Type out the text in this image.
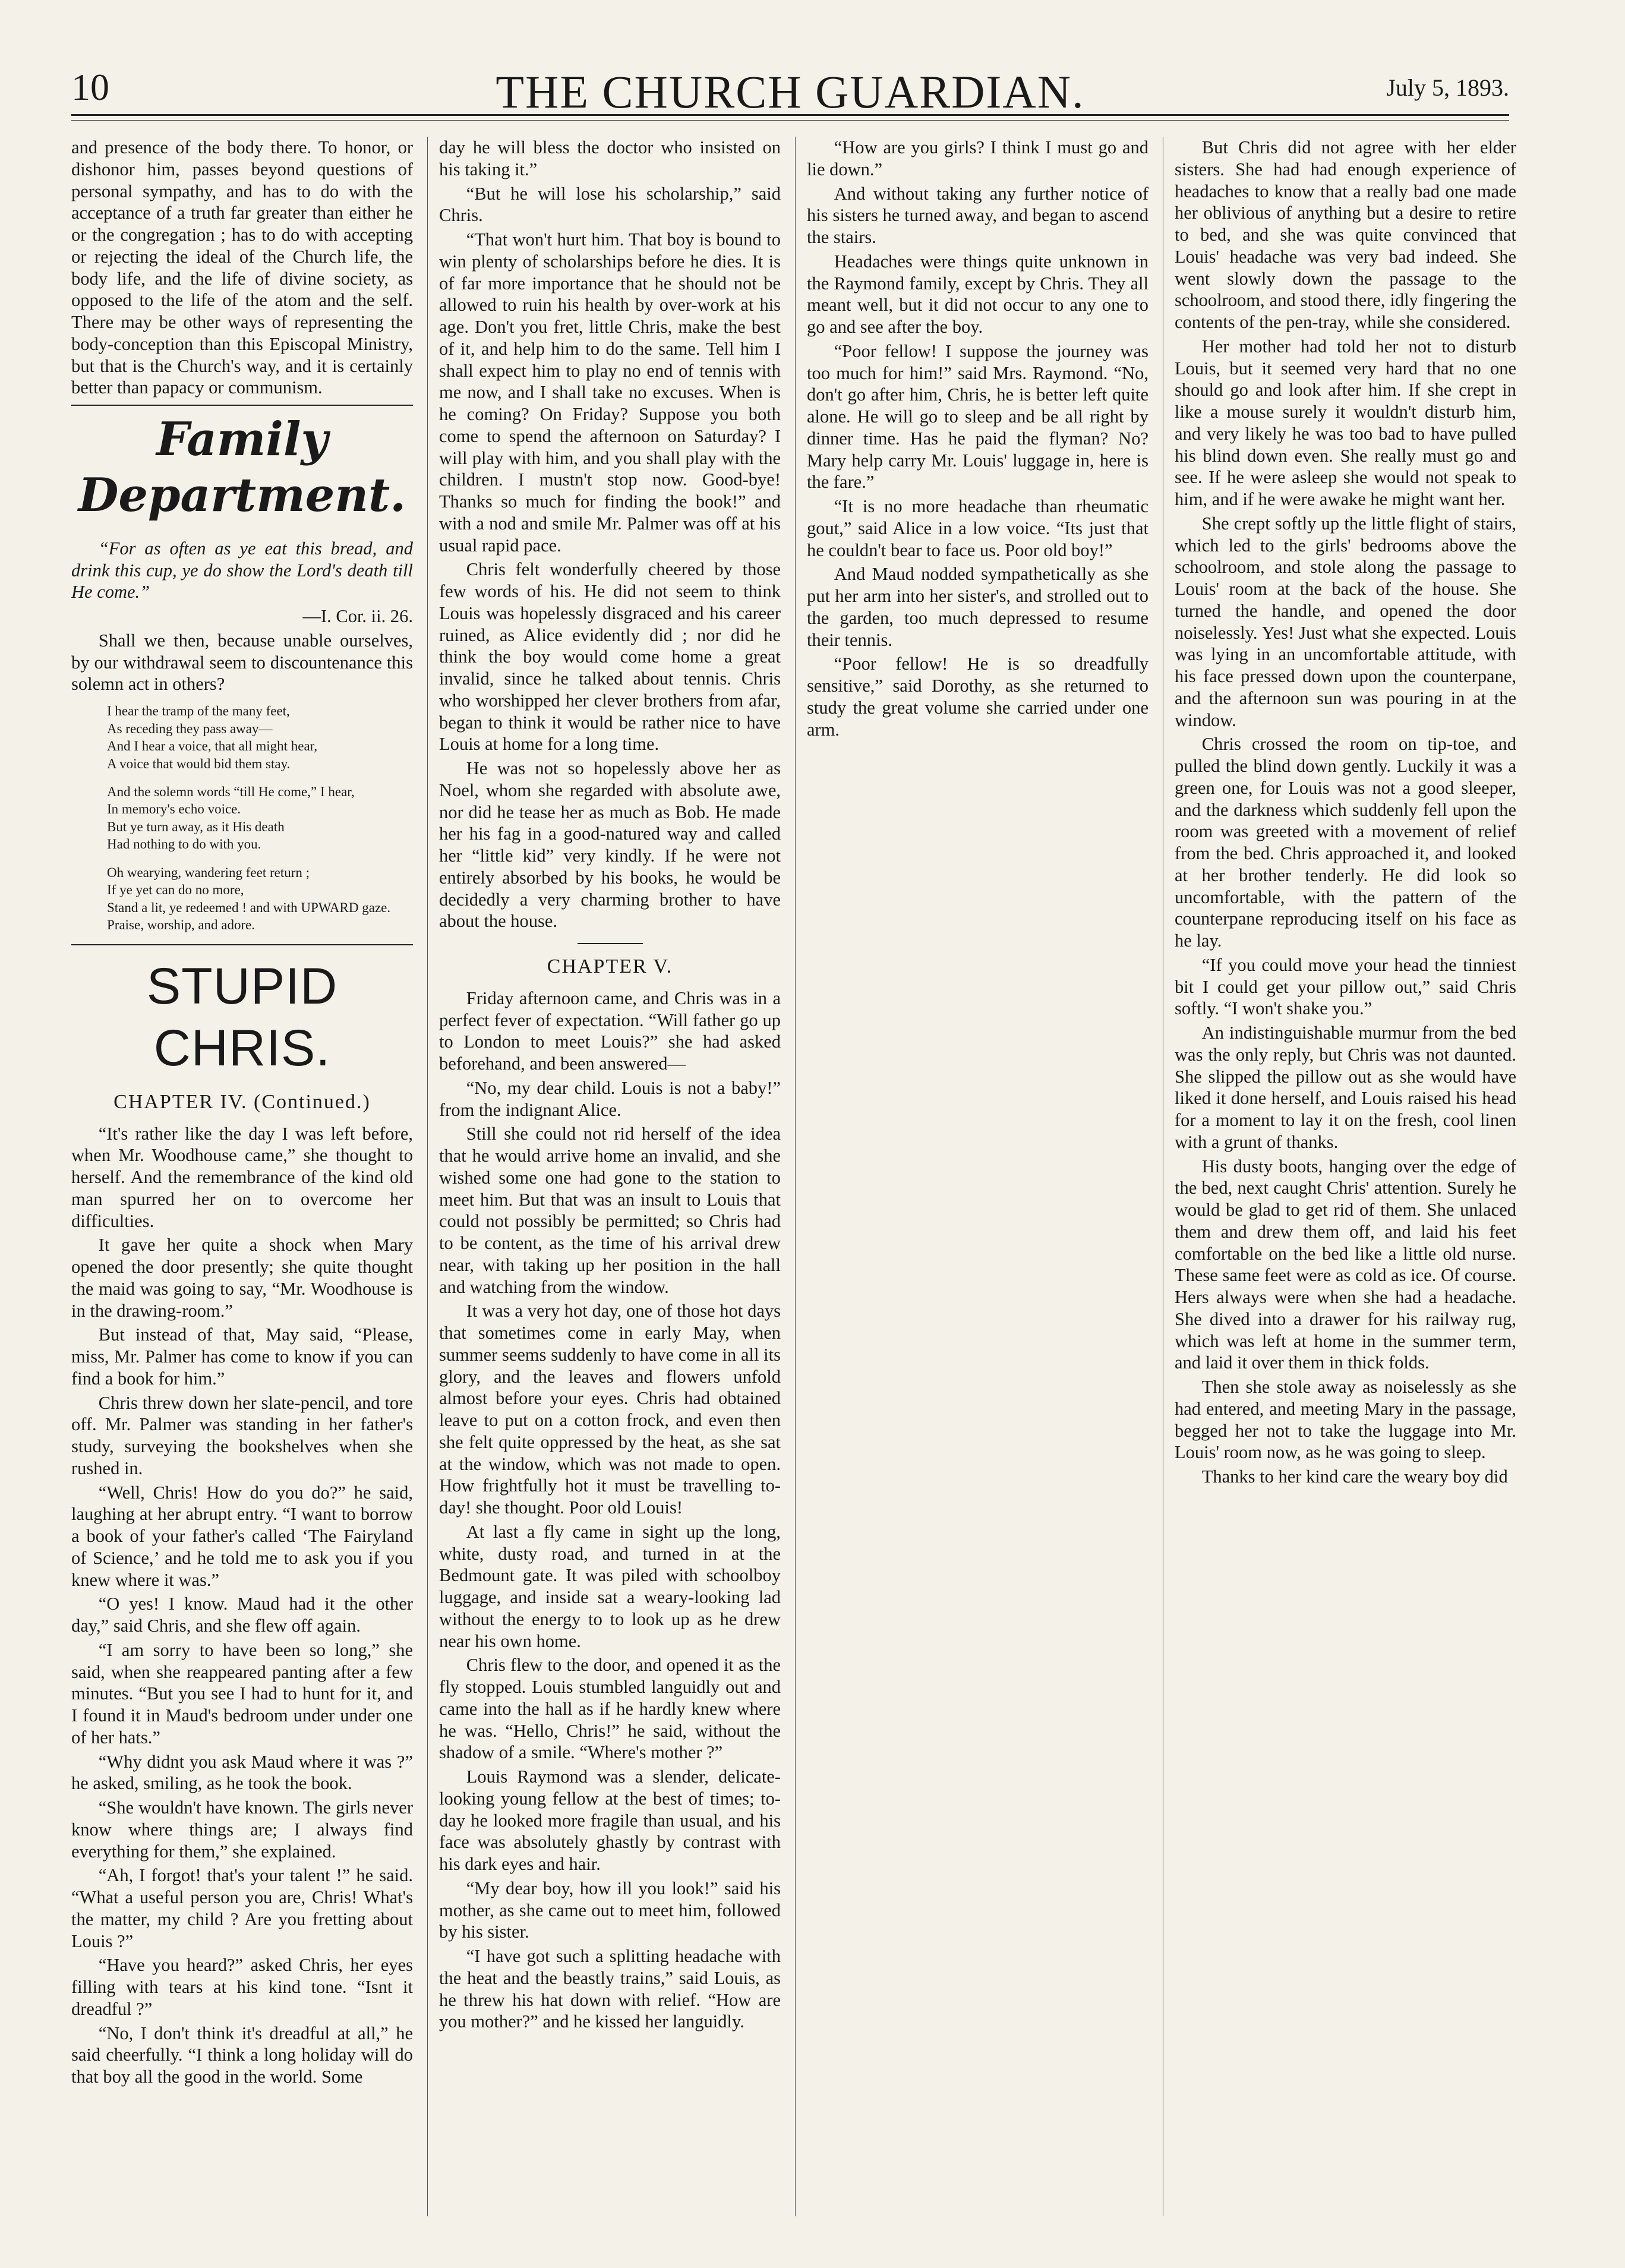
10	THE CHURCH GUARDIAN.	July 5, 1893.

and presence of the body there. To honor, or dishonor him, passes beyond questions of personal sympathy, and has to do with the acceptance of a truth far greater than either he or the congregation ; has to do with accepting or rejecting the ideal of the Church life, the body life, and the life of divine society, as opposed to the life of the atom and the self. There may be other ways of representing the body-conception than this Episcopal Ministry, but that is the Church's way, and it is certainly better than papacy or communism.

Family Department.

“For as often as ye eat this bread, and drink this cup, ye do show the Lord's death till He come.”

—I. Cor. ii. 26.

Shall we then, because unable ourselves, by our withdrawal seem to discountenance this solemn act in others?

I hear the tramp of the many feet,
As receding they pass away—
And I hear a voice, that all might hear,
A voice that would bid them stay.
And the solemn words “till He come,” I hear,
In memory's echo voice.
But ye turn away, as it His death
Had nothing to do with you.
Oh wearying, wandering feet return ;
If ye yet can do no more,
Stand a lit, ye redeemed ! and with UPWARD gaze.
Praise, worship, and adore.
STUPID CHRIS.
CHAPTER IV. (Continued.)

“It's rather like the day I was left before, when Mr. Woodhouse came,” she thought to herself. And the remembrance of the kind old man spurred her on to overcome her difficulties.

It gave her quite a shock when Mary opened the door presently; she quite thought the maid was going to say, “Mr. Woodhouse is in the drawing-room.”

But instead of that, May said, “Please, miss, Mr. Palmer has come to know if you can find a book for him.”

Chris threw down her slate-pencil, and tore off. Mr. Palmer was standing in her father's study, surveying the bookshelves when she rushed in.

“Well, Chris! How do you do?” he said, laughing at her abrupt entry. “I want to borrow a book of your father's called ‘The Fairyland of Science,’ and he told me to ask you if you knew where it was.”

“O yes! I know. Maud had it the other day,” said Chris, and she flew off again.

“I am sorry to have been so long,” she said, when she reappeared panting after a few minutes. “But you see I had to hunt for it, and I found it in Maud's bedroom under under one of her hats.”

“Why didnt you ask Maud where it was ?” he asked, smiling, as he took the book.

“She wouldn't have known. The girls never know where things are; I always find everything for them,” she explained.

“Ah, I forgot! that's your talent !” he said. “What a useful person you are, Chris! What's the matter, my child ? Are you fretting about Louis ?”

“Have you heard?” asked Chris, her eyes filling with tears at his kind tone. “Isnt it dreadful ?”

“No, I don't think it's dreadful at all,” he said cheerfully. “I think a long holiday will do that boy all the good in the world. Some

day he will bless the doctor who insisted on his taking it.”

“But he will lose his scholarship,” said Chris.

“That won't hurt him. That boy is bound to win plenty of scholarships before he dies. It is of far more importance that he should not be allowed to ruin his health by over-work at his age. Don't you fret, little Chris, make the best of it, and help him to do the same. Tell him I shall expect him to play no end of tennis with me now, and I shall take no excuses. When is he coming? On Friday? Suppose you both come to spend the afternoon on Saturday? I will play with him, and you shall play with the children. I mustn't stop now. Good-bye! Thanks so much for finding the book!” and with a nod and smile Mr. Palmer was off at his usual rapid pace.

Chris felt wonderfully cheered by those few words of his. He did not seem to think Louis was hopelessly disgraced and his career ruined, as Alice evidently did ; nor did he think the boy would come home a great invalid, since he talked about tennis. Chris who worshipped her clever brothers from afar, began to think it would be rather nice to have Louis at home for a long time.

He was not so hopelessly above her as Noel, whom she regarded with absolute awe, nor did he tease her as much as Bob. He made her his fag in a good-natured way and called her “little kid” very kindly. If he were not entirely absorbed by his books, he would be decidedly a very charming brother to have about the house.

CHAPTER V.

Friday afternoon came, and Chris was in a perfect fever of expectation. “Will father go up to London to meet Louis?” she had asked beforehand, and been answered—

“No, my dear child. Louis is not a baby!” from the indignant Alice.

Still she could not rid herself of the idea that he would arrive home an invalid, and she wished some one had gone to the station to meet him. But that was an insult to Louis that could not possibly be permitted; so Chris had to be content, as the time of his arrival drew near, with taking up her position in the hall and watching from the window.

It was a very hot day, one of those hot days that sometimes come in early May, when summer seems suddenly to have come in all its glory, and the leaves and flowers unfold almost before your eyes. Chris had obtained leave to put on a cotton frock, and even then she felt quite oppressed by the heat, as she sat at the window, which was not made to open. How frightfully hot it must be travelling to-day! she thought. Poor old Louis!

At last a fly came in sight up the long, white, dusty road, and turned in at the Bedmount gate. It was piled with schoolboy luggage, and inside sat a weary-looking lad without the energy to to look up as he drew near his own home.

Chris flew to the door, and opened it as the fly stopped. Louis stumbled languidly out and came into the hall as if he hardly knew where he was. “Hello, Chris!” he said, without the shadow of a smile. “Where's mother ?”

Louis Raymond was a slender, delicate-looking young fellow at the best of times; to-day he looked more fragile than usual, and his face was absolutely ghastly by contrast with his dark eyes and hair.

“My dear boy, how ill you look!” said his mother, as she came out to meet him, followed by his sister.

“I have got such a splitting headache with the heat and the beastly trains,” said Louis, as he threw his hat down with relief. “How are you mother?” and he kissed her languidly.

“How are you girls? I think I must go and lie down.”

And without taking any further notice of his sisters he turned away, and began to ascend the stairs.

Headaches were things quite unknown in the Raymond family, except by Chris. They all meant well, but it did not occur to any one to go and see after the boy.

“Poor fellow! I suppose the journey was too much for him!” said Mrs. Raymond. “No, don't go after him, Chris, he is better left quite alone. He will go to sleep and be all right by dinner time. Has he paid the flyman? No? Mary help carry Mr. Louis' luggage in, here is the fare.”

“It is no more headache than rheumatic gout,” said Alice in a low voice. “Its just that he couldn't bear to face us. Poor old boy!”

And Maud nodded sympathetically as she put her arm into her sister's, and strolled out to the garden, too much depressed to resume their tennis.

“Poor fellow! He is so dreadfully sensitive,” said Dorothy, as she returned to study the great volume she carried under one arm.

But Chris did not agree with her elder sisters. She had had enough experience of headaches to know that a really bad one made her oblivious of anything but a desire to retire to bed, and she was quite convinced that Louis' headache was very bad indeed. She went slowly down the passage to the schoolroom, and stood there, idly fingering the contents of the pen-tray, while she considered.

Her mother had told her not to disturb Louis, but it seemed very hard that no one should go and look after him. If she crept in like a mouse surely it wouldn't disturb him, and very likely he was too bad to have pulled his blind down even. She really must go and see. If he were asleep she would not speak to him, and if he were awake he might want her.

She crept softly up the little flight of stairs, which led to the girls' bedrooms above the schoolroom, and stole along the passage to Louis' room at the back of the house. She turned the handle, and opened the door noiselessly. Yes! Just what she expected. Louis was lying in an uncomfortable attitude, with his face pressed down upon the counterpane, and the afternoon sun was pouring in at the window.

Chris crossed the room on tip-toe, and pulled the blind down gently. Luckily it was a green one, for Louis was not a good sleeper, and the darkness which suddenly fell upon the room was greeted with a movement of relief from the bed. Chris approached it, and looked at her brother tenderly. He did look so uncomfortable, with the pattern of the counterpane reproducing itself on his face as he lay.

“If you could move your head the tinniest bit I could get your pillow out,” said Chris softly. “I won't shake you.”

An indistinguishable murmur from the bed was the only reply, but Chris was not daunted. She slipped the pillow out as she would have liked it done herself, and Louis raised his head for a moment to lay it on the fresh, cool linen with a grunt of thanks.

His dusty boots, hanging over the edge of the bed, next caught Chris' attention. Surely he would be glad to get rid of them. She unlaced them and drew them off, and laid his feet comfortable on the bed like a little old nurse. These same feet were as cold as ice. Of course. Hers always were when she had a headache. She dived into a drawer for his railway rug, which was left at home in the summer term, and laid it over them in thick folds.

Then she stole away as noiselessly as she had entered, and meeting Mary in the passage, begged her not to take the luggage into Mr. Louis' room now, as he was going to sleep.

Thanks to her kind care the weary boy did
